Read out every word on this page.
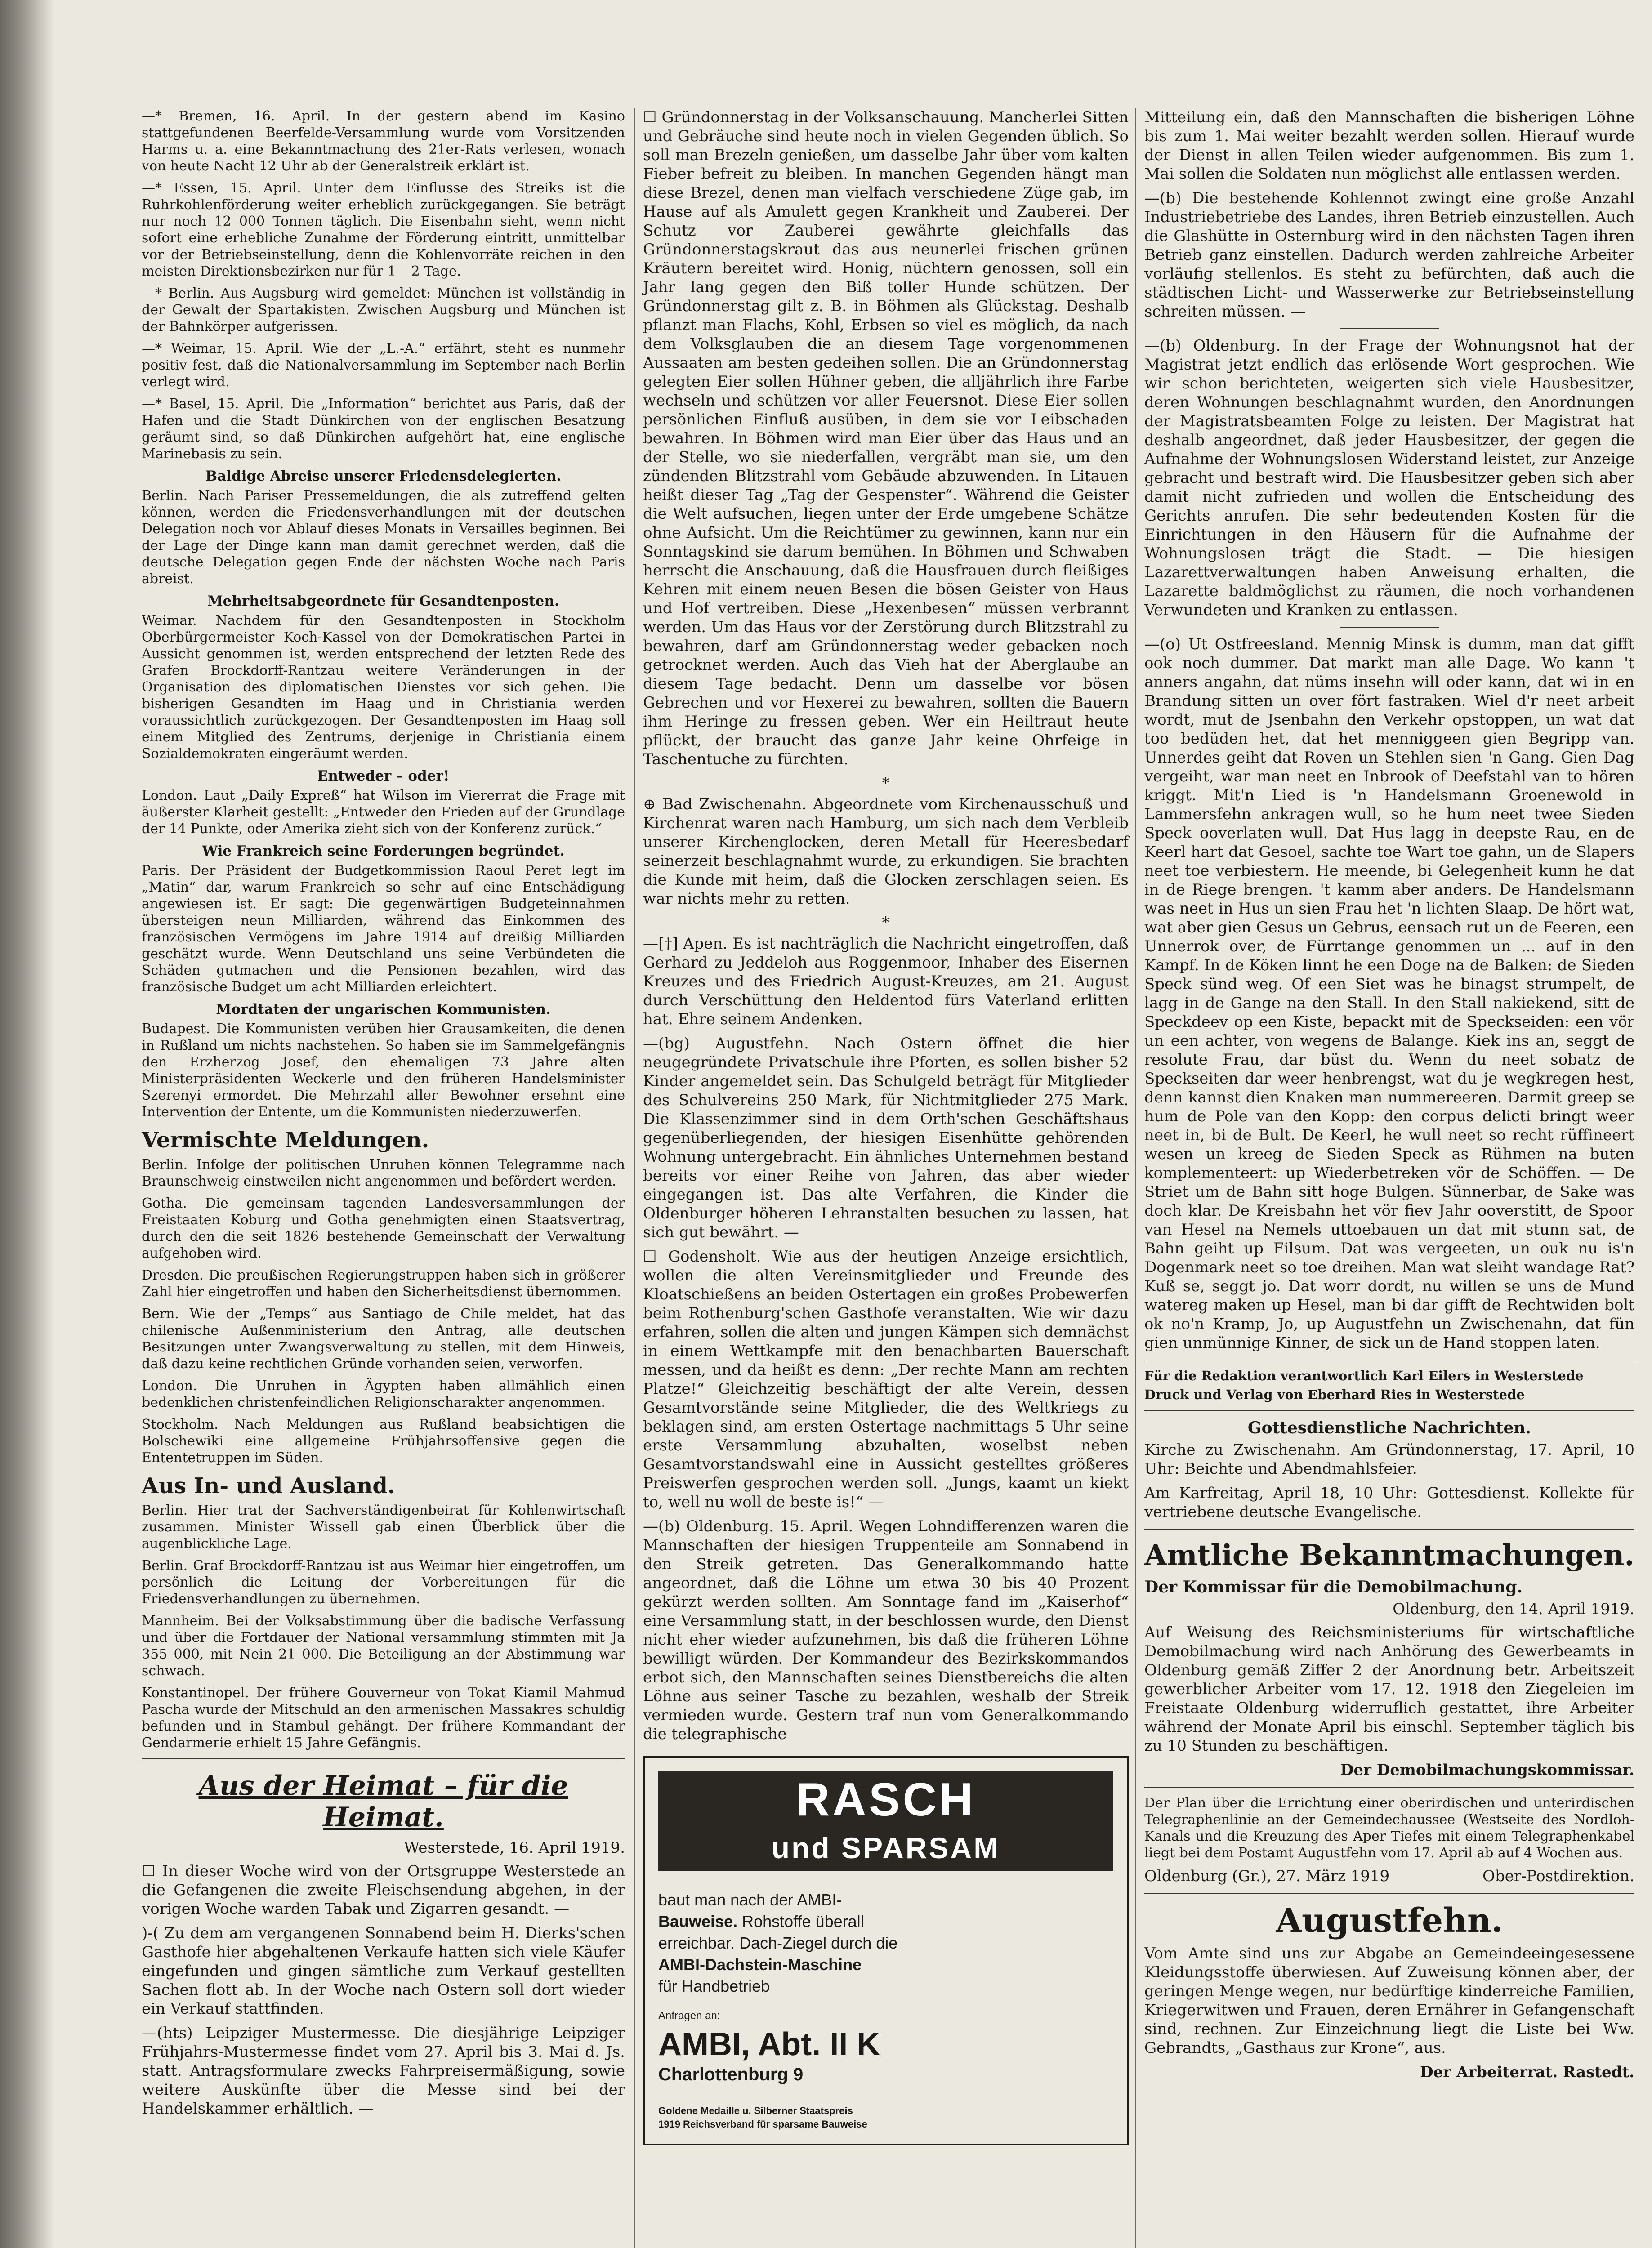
—* Bremen, 16. April. In der gestern abend im Kasino stattgefundenen Beerfelde-Versammlung wurde vom Vorsitzenden Harms u. a. eine Bekanntmachung des 21er-Rats verlesen, wonach von heute Nacht 12 Uhr ab der Generalstreik erklärt ist.

—* Essen, 15. April. Unter dem Einflusse des Streiks ist die Ruhrkohlenförderung weiter erheblich zurückgegangen. Sie beträgt nur noch 12 000 Tonnen täglich. Die Eisenbahn sieht, wenn nicht sofort eine erhebliche Zunahme der Förderung eintritt, unmittelbar vor der Betriebseinstellung, denn die Kohlenvorräte reichen in den meisten Direktionsbezirken nur für 1 – 2 Tage.

—* Berlin. Aus Augsburg wird gemeldet: München ist vollständig in der Gewalt der Spartakisten. Zwischen Augsburg und München ist der Bahnkörper aufgerissen.

—* Weimar, 15. April. Wie der „L.-A.“ erfährt, steht es nunmehr positiv fest, daß die Nationalversammlung im September nach Berlin verlegt wird.

—* Basel, 15. April. Die „Information“ berichtet aus Paris, daß der Hafen und die Stadt Dünkirchen von der englischen Besatzung geräumt sind, so daß Dünkirchen aufgehört hat, eine englische Marinebasis zu sein.

Baldige Abreise unserer Friedensdelegierten.

Berlin. Nach Pariser Pressemeldungen, die als zutreffend gelten können, werden die Friedensverhandlungen mit der deutschen Delegation noch vor Ablauf dieses Monats in Versailles beginnen. Bei der Lage der Dinge kann man damit gerechnet werden, daß die deutsche Delegation gegen Ende der nächsten Woche nach Paris abreist.

Mehrheitsabgeordnete für Gesandtenposten.

Weimar. Nachdem für den Gesandtenposten in Stockholm Oberbürgermeister Koch-Kassel von der Demokratischen Partei in Aussicht genommen ist, werden entsprechend der letzten Rede des Grafen Brockdorff-Rantzau weitere Veränderungen in der Organisation des diplomatischen Dienstes vor sich gehen. Die bisherigen Gesandten im Haag und in Christiania werden voraussichtlich zurückgezogen. Der Gesandtenposten im Haag soll einem Mitglied des Zentrums, derjenige in Christiania einem Sozialdemokraten eingeräumt werden.

Entweder – oder!

London. Laut „Daily Expreß“ hat Wilson im Viererrat die Frage mit äußerster Klarheit gestellt: „Entweder den Frieden auf der Grundlage der 14 Punkte, oder Amerika zieht sich von der Konferenz zurück.“

Wie Frankreich seine Forderungen begründet.

Paris. Der Präsident der Budgetkommission Raoul Peret legt im „Matin“ dar, warum Frankreich so sehr auf eine Entschädigung angewiesen ist. Er sagt: Die gegenwärtigen Budgeteinnahmen übersteigen neun Milliarden, während das Einkommen des französischen Vermögens im Jahre 1914 auf dreißig Milliarden geschätzt wurde. Wenn Deutschland uns seine Verbündeten die Schäden gutmachen und die Pensionen bezahlen, wird das französische Budget um acht Milliarden erleichtert.

Mordtaten der ungarischen Kommunisten.

Budapest. Die Kommunisten verüben hier Grausamkeiten, die denen in Rußland um nichts nachstehen. So haben sie im Sammelgefängnis den Erzherzog Josef, den ehemaligen 73 Jahre alten Ministerpräsidenten Weckerle und den früheren Handelsminister Szerenyi ermordet. Die Mehrzahl aller Bewohner ersehnt eine Intervention der Entente, um die Kommunisten niederzuwerfen.

Vermischte Meldungen.

Berlin. Infolge der politischen Unruhen können Telegramme nach Braunschweig einstweilen nicht angenommen und befördert werden.

Gotha. Die gemeinsam tagenden Landesversammlungen der Freistaaten Koburg und Gotha genehmigten einen Staatsvertrag, durch den die seit 1826 bestehende Gemeinschaft der Verwaltung aufgehoben wird.

Dresden. Die preußischen Regierungstruppen haben sich in größerer Zahl hier eingetroffen und haben den Sicherheitsdienst übernommen.

Bern. Wie der „Temps“ aus Santiago de Chile meldet, hat das chilenische Außenministerium den Antrag, alle deutschen Besitzungen unter Zwangsverwaltung zu stellen, mit dem Hinweis, daß dazu keine rechtlichen Gründe vorhanden seien, verworfen.

London. Die Unruhen in Ägypten haben allmählich einen bedenklichen christenfeindlichen Religionscharakter angenommen.

Stockholm. Nach Meldungen aus Rußland beabsichtigen die Bolschewiki eine allgemeine Frühjahrsoffensive gegen die Ententetruppen im Süden.

Aus In- und Ausland.

Berlin. Hier trat der Sachverständigenbeirat für Kohlenwirtschaft zusammen. Minister Wissell gab einen Überblick über die augenblickliche Lage.

Berlin. Graf Brockdorff-Rantzau ist aus Weimar hier eingetroffen, um persönlich die Leitung der Vorbereitungen für die Friedensverhandlungen zu übernehmen.

Mannheim. Bei der Volksabstimmung über die badische Verfassung und über die Fortdauer der National versammlung stimmten mit Ja 355 000, mit Nein 21 000. Die Beteiligung an der Abstimmung war schwach.

Konstantinopel. Der frühere Gouverneur von Tokat Kiamil Mahmud Pascha wurde der Mitschuld an den armenischen Massakres schuldig befunden und in Stambul gehängt. Der frühere Kommandant der Gendarmerie erhielt 15 Jahre Gefängnis.

Aus der Heimat – für die Heimat.
Westerstede, 16. April 1919.

☐ In dieser Woche wird von der Ortsgruppe Westerstede an die Gefangenen die zweite Fleischsendung abgehen, in der vorigen Woche warden Tabak und Zigarren gesandt. —

)-( Zu dem am vergangenen Sonnabend beim H. Dierks'schen Gasthofe hier abgehaltenen Verkaufe hatten sich viele Käufer eingefunden und gingen sämtliche zum Verkauf gestellten Sachen flott ab. In der Woche nach Ostern soll dort wieder ein Verkauf stattfinden.

—(hts) Leipziger Mustermesse. Die diesjährige Leipziger Frühjahrs-Mustermesse findet vom 27. April bis 3. Mai d. Js. statt. Antragsformulare zwecks Fahrpreisermäßigung, sowie weitere Auskünfte über die Messe sind bei der Handelskammer erhältlich. —

☐ Gründonnerstag in der Volksanschauung. Mancherlei Sitten und Gebräuche sind heute noch in vielen Gegenden üblich. So soll man Brezeln genießen, um dasselbe Jahr über vom kalten Fieber befreit zu bleiben. In manchen Gegenden hängt man diese Brezel, denen man vielfach verschiedene Züge gab, im Hause auf als Amulett gegen Krankheit und Zauberei. Der Schutz vor Zauberei gewährte gleichfalls das Gründonnerstagskraut das aus neunerlei frischen grünen Kräutern bereitet wird. Honig, nüchtern genossen, soll ein Jahr lang gegen den Biß toller Hunde schützen. Der Gründonnerstag gilt z. B. in Böhmen als Glückstag. Deshalb pflanzt man Flachs, Kohl, Erbsen so viel es möglich, da nach dem Volksglauben die an diesem Tage vorgenommenen Aussaaten am besten gedeihen sollen. Die an Gründonnerstag gelegten Eier sollen Hühner geben, die alljährlich ihre Farbe wechseln und schützen vor aller Feuersnot. Diese Eier sollen persönlichen Einfluß ausüben, in dem sie vor Leibschaden bewahren. In Böhmen wird man Eier über das Haus und an der Stelle, wo sie niederfallen, vergräbt man sie, um den zündenden Blitzstrahl vom Gebäude abzuwenden. In Litauen heißt dieser Tag „Tag der Gespenster“. Während die Geister die Welt aufsuchen, liegen unter der Erde umgebene Schätze ohne Aufsicht. Um die Reichtümer zu gewinnen, kann nur ein Sonntagskind sie darum bemühen. In Böhmen und Schwaben herrscht die Anschauung, daß die Hausfrauen durch fleißiges Kehren mit einem neuen Besen die bösen Geister von Haus und Hof vertreiben. Diese „Hexenbesen“ müssen verbrannt werden. Um das Haus vor der Zerstörung durch Blitzstrahl zu bewahren, darf am Gründonnerstag weder gebacken noch getrocknet werden. Auch das Vieh hat der Aberglaube an diesem Tage bedacht. Denn um dasselbe vor bösen Gebrechen und vor Hexerei zu bewahren, sollten die Bauern ihm Heringe zu fressen geben. Wer ein Heiltraut heute pflückt, der braucht das ganze Jahr keine Ohrfeige in Taschentuche zu fürchten.

*

⊕ Bad Zwischenahn. Abgeordnete vom Kirchenausschuß und Kirchenrat waren nach Hamburg, um sich nach dem Verbleib unserer Kirchenglocken, deren Metall für Heeresbedarf seinerzeit beschlagnahmt wurde, zu erkundigen. Sie brachten die Kunde mit heim, daß die Glocken zerschlagen seien. Es war nichts mehr zu retten.

*

—[†] Apen. Es ist nachträglich die Nachricht eingetroffen, daß Gerhard zu Jeddeloh aus Roggenmoor, Inhaber des Eisernen Kreuzes und des Friedrich August-Kreuzes, am 21. August durch Verschüttung den Heldentod fürs Vaterland erlitten hat. Ehre seinem Andenken.

—(bg) Augustfehn. Nach Ostern öffnet die hier neugegründete Privatschule ihre Pforten, es sollen bisher 52 Kinder angemeldet sein. Das Schulgeld beträgt für Mitglieder des Schulvereins 250 Mark, für Nichtmitglieder 275 Mark. Die Klassenzimmer sind in dem Orth'schen Geschäftshaus gegenüberliegenden, der hiesigen Eisenhütte gehörenden Wohnung untergebracht. Ein ähnliches Unternehmen bestand bereits vor einer Reihe von Jahren, das aber wieder eingegangen ist. Das alte Verfahren, die Kinder die Oldenburger höheren Lehranstalten besuchen zu lassen, hat sich gut bewährt. —

☐ Godensholt. Wie aus der heutigen Anzeige ersichtlich, wollen die alten Vereinsmitglieder und Freunde des Kloatschießens an beiden Ostertagen ein großes Probewerfen beim Rothenburg'schen Gasthofe veranstalten. Wie wir dazu erfahren, sollen die alten und jungen Kämpen sich demnächst in einem Wettkampfe mit den benachbarten Bauerschaft messen, und da heißt es denn: „Der rechte Mann am rechten Platze!“ Gleichzeitig beschäftigt der alte Verein, dessen Gesamtvorstände seine Mitglieder, die des Weltkriegs zu beklagen sind, am ersten Ostertage nachmittags 5 Uhr seine erste Versammlung abzuhalten, woselbst neben Gesamtvorstandswahl eine in Aussicht gestelltes größeres Preiswerfen gesprochen werden soll. „Jungs, kaamt un kiekt to, well nu woll de beste is!“ —

—(b) Oldenburg. 15. April. Wegen Lohndifferenzen waren die Mannschaften der hiesigen Truppenteile am Sonnabend in den Streik getreten. Das Generalkommando hatte angeordnet, daß die Löhne um etwa 30 bis 40 Prozent gekürzt werden sollten. Am Sonntage fand im „Kaiserhof“ eine Versammlung statt, in der beschlossen wurde, den Dienst nicht eher wieder aufzunehmen, bis daß die früheren Löhne bewilligt würden. Der Kommandeur des Bezirkskommandos erbot sich, den Mannschaften seines Dienstbereichs die alten Löhne aus seiner Tasche zu bezahlen, weshalb der Streik vermieden wurde. Gestern traf nun vom Generalkommando die telegraphische

RASCH
und SPARSAM

baut man nach der AMBI-

Bauweise. Rohstoffe überall

erreichbar. Dach-Ziegel durch die

AMBI-Dachstein-Maschine

für Handbetrieb

Anfragen an:

AMBI, Abt. II K

Charlottenburg 9

Goldene Medaille u. Silberner Staatspreis

1919 Reichsverband für sparsame Bauweise

Mitteilung ein, daß den Mannschaften die bisherigen Löhne bis zum 1. Mai weiter bezahlt werden sollen. Hierauf wurde der Dienst in allen Teilen wieder aufgenommen. Bis zum 1. Mai sollen die Soldaten nun möglichst alle entlassen werden.

—(b) Die bestehende Kohlennot zwingt eine große Anzahl Industriebetriebe des Landes, ihren Betrieb einzustellen. Auch die Glashütte in Osternburg wird in den nächsten Tagen ihren Betrieb ganz einstellen. Dadurch werden zahlreiche Arbeiter vorläufig stellenlos. Es steht zu befürchten, daß auch die städtischen Licht- und Wasserwerke zur Betriebseinstellung schreiten müssen. —

—(b) Oldenburg. In der Frage der Wohnungsnot hat der Magistrat jetzt endlich das erlösende Wort gesprochen. Wie wir schon berichteten, weigerten sich viele Hausbesitzer, deren Wohnungen beschlagnahmt wurden, den Anordnungen der Magistratsbeamten Folge zu leisten. Der Magistrat hat deshalb angeordnet, daß jeder Hausbesitzer, der gegen die Aufnahme der Wohnungslosen Widerstand leistet, zur Anzeige gebracht und bestraft wird. Die Hausbesitzer geben sich aber damit nicht zufrieden und wollen die Entscheidung des Gerichts anrufen. Die sehr bedeutenden Kosten für die Einrichtungen in den Häusern für die Aufnahme der Wohnungslosen trägt die Stadt. — Die hiesigen Lazarettverwaltungen haben Anweisung erhalten, die Lazarette baldmöglichst zu räumen, die noch vorhandenen Verwundeten und Kranken zu entlassen.

—(o) Ut Ostfreesland. Mennig Minsk is dumm, man dat gifft ook noch dummer. Dat markt man alle Dage. Wo kann 't anners angahn, dat nüms insehn will oder kann, dat wi in en Brandung sitten un over fört fastraken. Wiel d'r neet arbeit wordt, mut de Jsenbahn den Verkehr opstoppen, un wat dat too bedüden het, dat het menniggeen gien Begripp van. Unnerdes geiht dat Roven un Stehlen sien 'n Gang. Gien Dag vergeiht, war man neet en Inbrook of Deefstahl van to hören kriggt. Mit'n Lied is 'n Handelsmann Groenewold in Lammersfehn ankragen wull, so he hum neet twee Sieden Speck ooverlaten wull. Dat Hus lagg in deepste Rau, en de Keerl hart dat Gesoel, sachte toe Wart toe gahn, un de Slapers neet toe verbiestern. He meende, bi Gelegenheit kunn he dat in de Riege brengen. 't kamm aber anders. De Handelsmann was neet in Hus un sien Frau het 'n lichten Slaap. De hört wat, wat aber gien Gesus un Gebrus, eensach rut un de Feeren, een Unnerrok over, de Fürrtange genommen un ... auf in den Kampf. In de Köken linnt he een Doge na de Balken: de Sieden Speck sünd weg. Of een Siet was he binagst strumpelt, de lagg in de Gange na den Stall. In den Stall nakiekend, sitt de Speckdeev op een Kiste, bepackt mit de Speckseiden: een vör un een achter, von wegens de Balange. Kiek ins an, seggt de resolute Frau, dar büst du. Wenn du neet sobatz de Speckseiten dar weer henbrengst, wat du je wegkregen hest, denn kannst dien Knaken man nummereeren. Darmit greep se hum de Pole van den Kopp: den corpus delicti bringt weer neet in, bi de Bult. De Keerl, he wull neet so recht rüffineert wesen un kreeg de Sieden Speck as Rühmen na buten komplementeert: up Wiederbetreken vör de Schöffen. — De Striet um de Bahn sitt hoge Bulgen. Sünnerbar, de Sake was doch klar. De Kreisbahn het vör fiev Jahr ooverstitt, de Spoor van Hesel na Nemels uttoebauen un dat mit stunn sat, de Bahn geiht up Filsum. Dat was vergeeten, un ouk nu is'n Dogenmark neet so toe dreihen. Man wat sleiht wandage Rat? Kuß se, seggt jo. Dat worr dordt, nu willen se uns de Mund watereg maken up Hesel, man bi dar gifft de Rechtwiden bolt ok no'n Kramp, Jo, up Augustfehn un Zwischenahn, dat fün gien unmünnige Kinner, de sick un de Hand stoppen laten.

Für die Redaktion verantwortlich Karl Eilers in Westerstede

Druck und Verlag von Eberhard Ries in Westerstede

Gottesdienstliche Nachrichten.

Kirche zu Zwischenahn. Am Gründonnerstag, 17. April, 10 Uhr: Beichte und Abendmahlsfeier.

Am Karfreitag, April 18, 10 Uhr: Gottesdienst. Kollekte für vertriebene deutsche Evangelische.

Amtliche Bekanntmachungen.
Der Kommissar für die Demobilmachung.
Oldenburg, den 14. April 1919.

Auf Weisung des Reichsministeriums für wirtschaftliche Demobilmachung wird nach Anhörung des Gewerbeamts in Oldenburg gemäß Ziffer 2 der Anordnung betr. Arbeitszeit gewerblicher Arbeiter vom 17. 12. 1918 den Ziegeleien im Freistaate Oldenburg widerruflich gestattet, ihre Arbeiter während der Monate April bis einschl. September täglich bis zu 10 Stunden zu beschäftigen.

Der Demobilmachungskommissar.

Der Plan über die Errichtung einer oberirdischen und unterirdischen Telegraphenlinie an der Gemeindechaussee (Westseite des Nordloh-Kanals und die Kreuzung des Aper Tiefes mit einem Telegraphenkabel liegt bei dem Postamt Augustfehn vom 17. April ab auf 4 Wochen aus.

Oldenburg (Gr.), 27. März 1919	Ober-Postdirektion.

Augustfehn.

Vom Amte sind uns zur Abgabe an Gemeindeeingesessene Kleidungsstoffe überwiesen. Auf Zuweisung können aber, der geringen Menge wegen, nur bedürftige kinderreiche Familien, Kriegerwitwen und Frauen, deren Ernährer in Gefangenschaft sind, rechnen. Zur Einzeichnung liegt die Liste bei Ww. Gebrandts, „Gasthaus zur Krone“, aus.

Der Arbeiterrat. Rastedt.
